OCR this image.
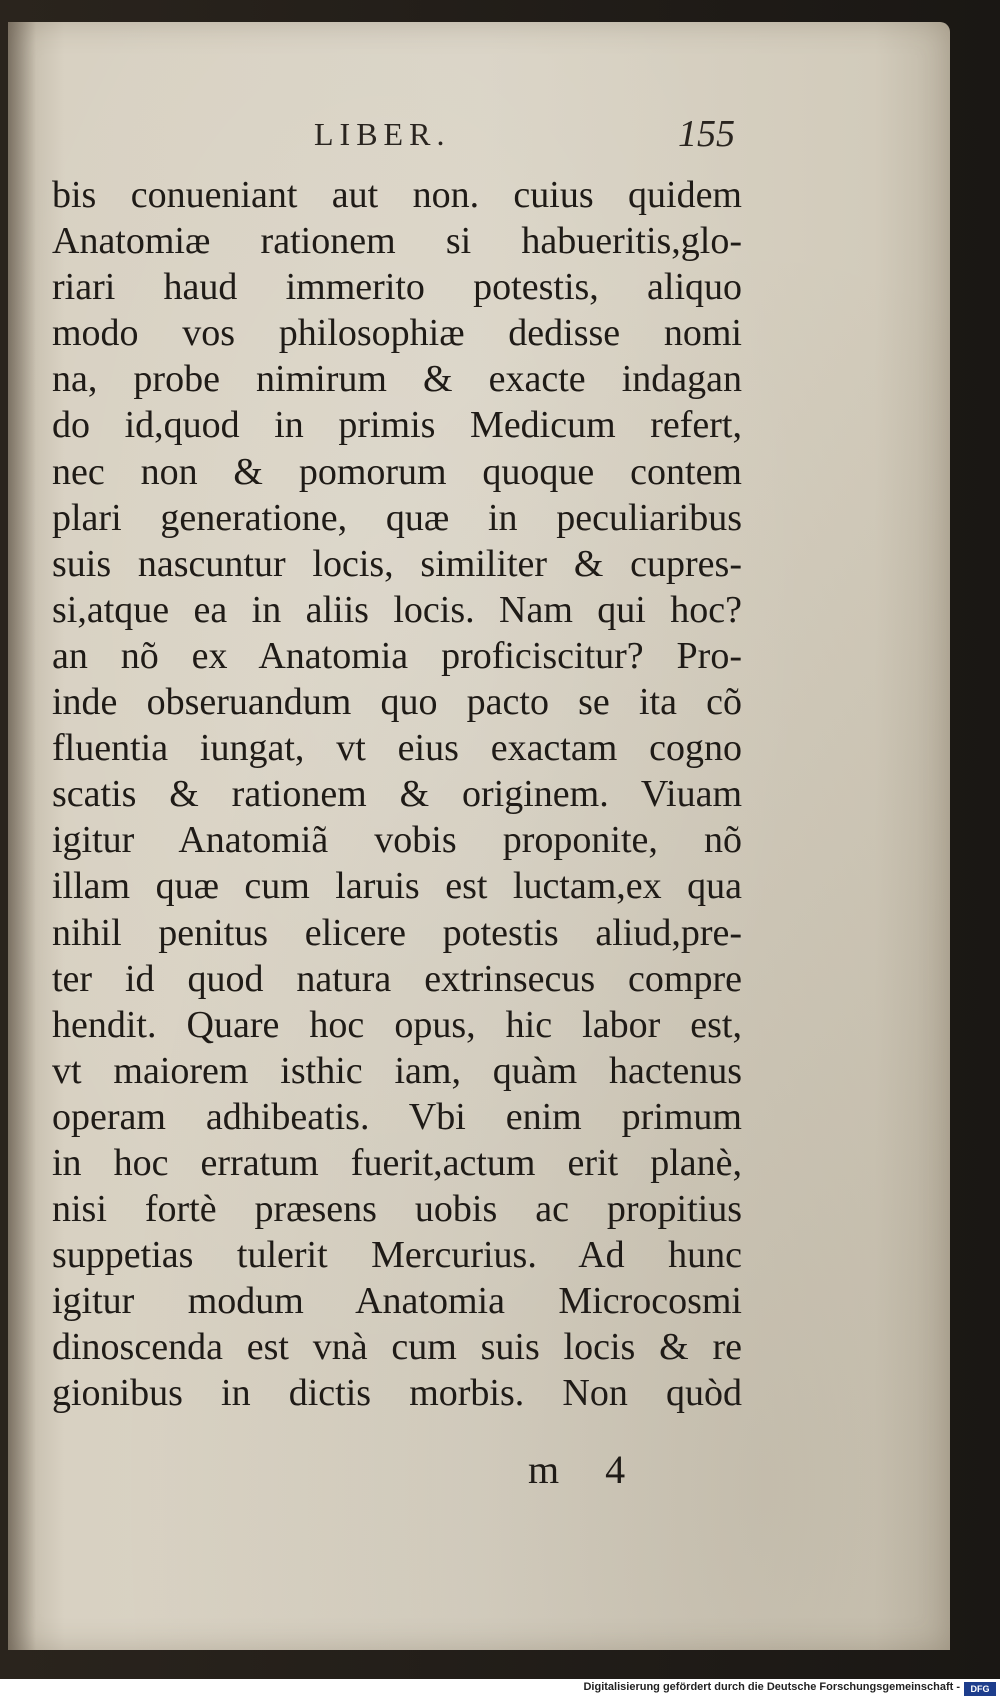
LIBER.	155
bis conueniant aut non. cuius quidem
Anatomiæ rationem si habueritis,glo-
riari haud immerito potestis, aliquo
modo vos philosophiæ dedisse nomi
na, probe nimirum & exacte indagan
do id,quod in primis Medicum refert,
nec non & pomorum quoque contem
plari generatione, quæ in peculiaribus
suis nascuntur locis, similiter & cupres-
si,atque ea in aliis locis. Nam qui hoc?
an nõ ex Anatomia proficiscitur? Pro-
inde obseruandum quo pacto se ita cõ
fluentia iungat, vt eius exactam cogno
scatis & rationem & originem. Viuam
igitur Anatomiã vobis proponite, nõ
illam quæ cum laruis est luctam,ex qua
nihil penitus elicere potestis aliud,pre-
ter id quod natura extrinsecus compre
hendit. Quare hoc opus, hic labor est,
vt maiorem isthic iam, quàm hactenus
operam adhibeatis. Vbi enim primum
in hoc erratum fuerit,actum erit planè,
nisi fortè præsens uobis ac propitius
suppetias tulerit Mercurius. Ad hunc
igitur modum Anatomia Microcosmi
dinoscenda est vnà cum suis locis & re
gionibus in dictis morbis. Non quòd
m 4
Digitalisierung gefördert durch die Deutsche Forschungsgemeinschaft -	DFG
